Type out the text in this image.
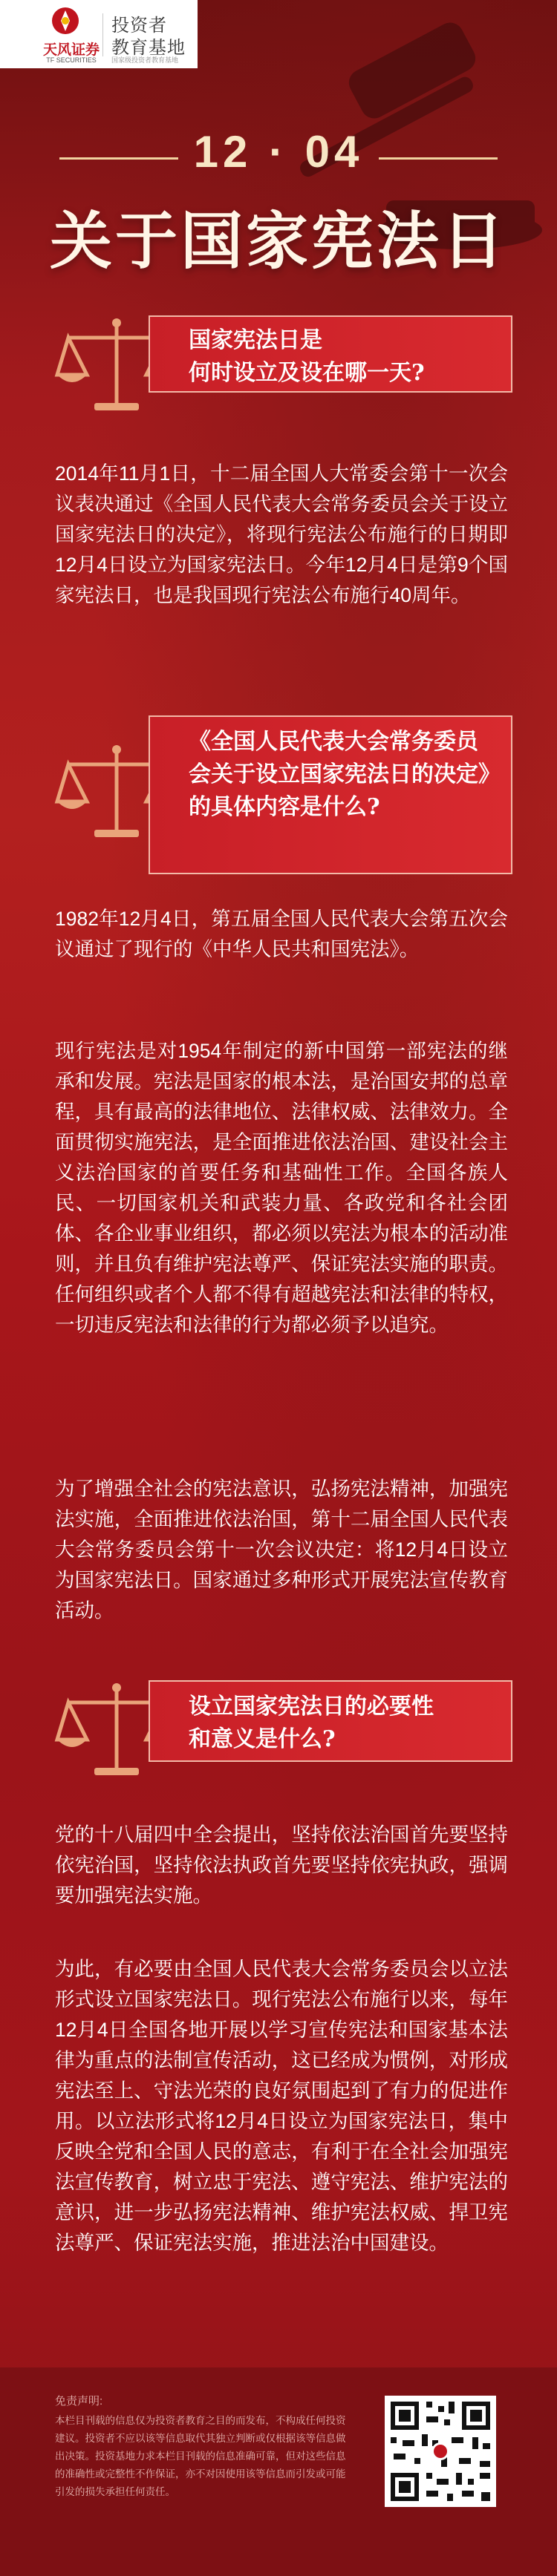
天风证券
TF SECURITIES
投资者
教育基地
国家级投资者教育基地
12 · 04
关于国家宪法日
国家宪法日是
何时设立及设在哪一天?
2014年11月1日，十二届全国人大常委会第十一次会议表决通过《全国人民代表大会常务委员会关于设立国家宪法日的决定》，将现行宪法公布施行的日期即12月4日设立为国家宪法日。今年12月4日是第9个国家宪法日，也是我国现行宪法公布施行40周年。
《全国人民代表大会常务委员会关于设立国家宪法日的决定》的具体内容是什么?
1982年12月4日，第五届全国人民代表大会第五次会议通过了现行的《中华人民共和国宪法》。
现行宪法是对1954年制定的新中国第一部宪法的继承和发展。宪法是国家的根本法，是治国安邦的总章程，具有最高的法律地位、法律权威、法律效力。全面贯彻实施宪法，是全面推进依法治国、建设社会主义法治国家的首要任务和基础性工作。全国各族人民、一切国家机关和武装力量、各政党和各社会团体、各企业事业组织，都必须以宪法为根本的活动准则，并且负有维护宪法尊严、保证宪法实施的职责。任何组织或者个人都不得有超越宪法和法律的特权，一切违反宪法和法律的行为都必须予以追究。
为了增强全社会的宪法意识，弘扬宪法精神，加强宪法实施，全面推进依法治国，第十二届全国人民代表大会常务委员会第十一次会议决定：将12月4日设立为国家宪法日。国家通过多种形式开展宪法宣传教育活动。
设立国家宪法日的必要性
和意义是什么?
党的十八届四中全会提出，坚持依法治国首先要坚持依宪治国，坚持依法执政首先要坚持依宪执政，强调要加强宪法实施。
为此，有必要由全国人民代表大会常务委员会以立法形式设立国家宪法日。现行宪法公布施行以来，每年12月4日全国各地开展以学习宣传宪法和国家基本法律为重点的法制宣传活动，这已经成为惯例，对形成宪法至上、守法光荣的良好氛围起到了有力的促进作用。以立法形式将12月4日设立为国家宪法日，集中反映全党和全国人民的意志，有利于在全社会加强宪法宣传教育，树立忠于宪法、遵守宪法、维护宪法的意识，进一步弘扬宪法精神、维护宪法权威、捍卫宪法尊严、保证宪法实施，推进法治中国建设。
免责声明:
本栏目刊载的信息仅为投资者教育之目的而发布，不构成任何投资建议。投资者不应以该等信息取代其独立判断或仅根据该等信息做出决策。投资基地力求本栏目刊载的信息准确可靠，但对这些信息的准确性或完整性不作保证，亦不对因使用该等信息而引发或可能引发的损失承担任何责任。
